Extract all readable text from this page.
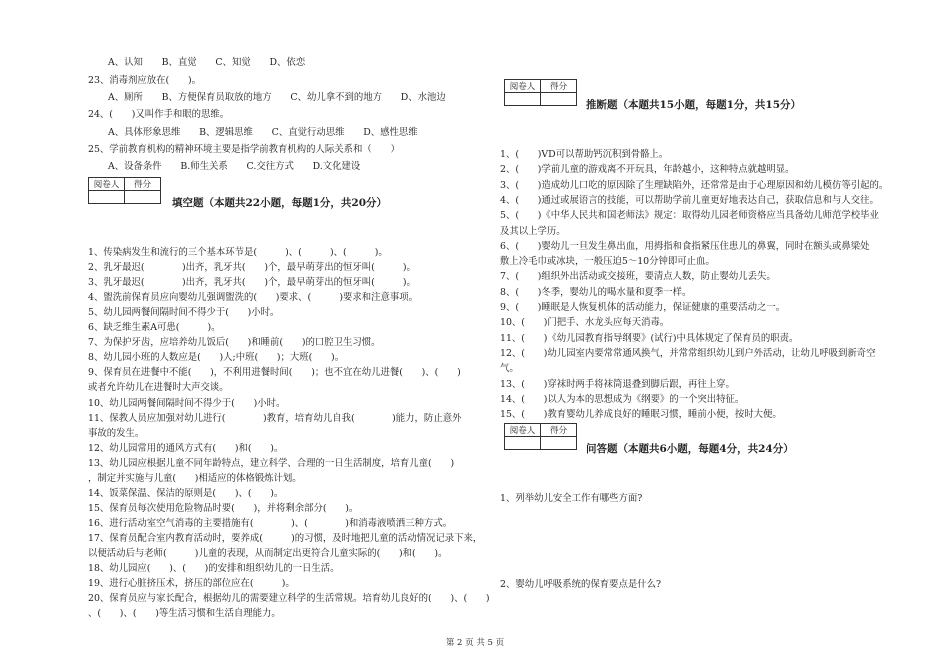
A、认知　　B、直觉　　C、知觉　　D、依恋
23、消毒剂应放在(　　)。
A、厕所　　B、方便保育员取放的地方　　C、幼儿拿不到的地方　　D、水池边
24、(　　)又叫作手和眼的思维。
A、具体形象思维　　B、逻辑思维　　C、直觉行动思维　　D、感性思维
25、学前教育机构的精神环境主要是指学前教育机构的人际关系和（　　）
A、设备条件　　B.师生关系　　C.交往方式　　D.文化建设
阅卷人	得分

填空题（本题共22小题，每题1分，共20分）
1、传染病发生和流行的三个基本环节是(　　　)、(　　　)、(　　　)。
2、乳牙最迟(　　　　)出齐，乳牙共(　　)个，最早萌芽出的恒牙叫(　　　)。
3、乳牙最迟(　　　　)出齐，乳牙共(　　)个，最早萌芽出的恒牙叫(　　　)。
4、盥洗前保育员应向婴幼儿强调盥洗的(　　)要求、(　　　)要求和注意事项。
5、幼儿园两餐间隔时间不得少于(　　)小时。
6、缺乏维生素A可患(　　　)。
7、为保护牙齿，应培养幼儿饭后(　　)和睡前(　　)的口腔卫生习惯。
8、幼儿园小班的人数应是(　　)人;中班(　　)；大班(　　)。
9、保育员在进餐中不能(　　)，不利用进餐时间(　　)；也不宜在幼儿进餐(　　)、(　　)
或者允许幼儿在进餐时大声交谈。
10、幼儿园两餐间隔时间不得少于(　　)小时。
11、保教人员应加强对幼儿进行(　　　　)教育，培育幼儿自我(　　　　)能力，防止意外
事故的发生。
12、幼儿园常用的通风方式有(　　)和(　　)。
13、幼儿园应根据儿童不同年龄特点，建立科学、合理的一日生活制度，培育儿童(　　)
，制定并实施与儿童(　　)相适应的体格锻炼计划。
14、饭菜保温、保洁的原则是(　　)、(　　)。
15、保育员每次使用危险物品时要(　　)，并将剩余部分(　　)。
16、进行活动室空气消毒的主要措施有(　　　　)、(　　　　)和消毒液喷洒三种方式。
17、保育员配合室内教育活动时，要养成(　　　)的习惯，及时地把儿童的活动情况记录下来，
以便活动后与老师(　　　)儿童的表现，从而制定出更符合儿童实际的(　　)和(　　)。
18、幼儿园应(　　)、(　　)的安排和组织幼儿的一日生活。
19、进行心脏挤压术，挤压的部位应在(　　　)。
20、保育员应与家长配合，根据幼儿的需要建立科学的生活常规。培育幼儿良好的(　　)、(　　)
、(　　)、(　　)等生活习惯和生活自理能力。
阅卷人	得分

推断题（本题共15小题，每题1分，共15分）
1、(　　)VD可以帮助钙沉积到骨骼上。
2、(　　)学前儿童的游戏离不开玩具，年龄越小，这种特点就越明显。
3、(　　)造成幼儿口吃的原因除了生理缺陷外，还常常是由于心理原因和幼儿模仿等引起的。
4、(　　)通过或展语言的技能，可以帮助学前儿童更好地表达自己，获取信息和与人交往。
5、(　　)《中华人民共和国老师法》规定：取得幼儿园老师资格应当具备幼儿师范学校毕业
及其以上学历。
6、(　　)婴幼儿一旦发生鼻出血，用拇指和食指紧压住患儿的鼻翼，同时在额头或鼻梁处
敷上冷毛巾或冰块，一般压迫5～10分钟即可止血。
7、(　　)组织外出活动或交接班，要清点人数，防止婴幼儿丢失。
8、(　　)冬季，婴幼儿的喝水量和夏季一样。
9、(　　)睡眠是人恢复机体的活动能力，保证健康的重要活动之一。
10、(　　)门把手、水龙头应每天消毒。
11、(　　)《幼儿园教育指导纲要》(试行)中具体规定了保育员的职责。
12、(　　)幼儿园室内要常常通风换气，并常常组织幼儿到户外活动，让幼儿呼吸到新奇空
气。
13、(　　)穿袜时两手将袜筒退叠到脚后跟，再往上穿。
14、(　　)以人为本的思想成为《纲要》的一个突出特征。
15、(　　)教育婴幼儿养成良好的睡眠习惯，睡前小便，按时大便。
阅卷人	得分

问答题（本题共6小题，每题4分，共24分）
1、列举幼儿安全工作有哪些方面?
2、婴幼儿呼吸系统的保育要点是什么?
第 2 页 共 5 页
